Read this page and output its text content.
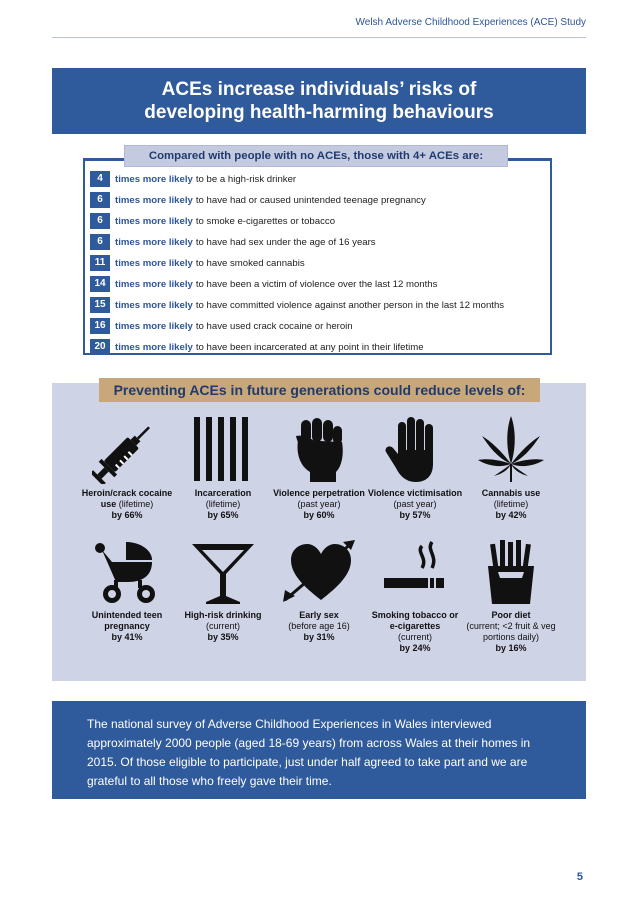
Welsh Adverse Childhood Experiences (ACE) Study
ACEs increase individuals’ risks of
developing health-harming behaviours
Compared with people with no ACEs, those with 4+ ACEs are:
4	times more likely to be a high-risk drinker
6	times more likely to have had or caused unintended teenage pregnancy
6	times more likely to smoke e-cigarettes or tobacco
6	times more likely to have had sex under the age of 16 years
11	times more likely to have smoked cannabis
14 times more likely to have been a victim of violence over the last 12 months
15 times more likely to have committed violence against another person in the last 12 months
16 times more likely to have used crack cocaine or heroin
20 times more likely to have been incarcerated at any point in their lifetime
Preventing ACEs in future generations could reduce levels of:
Heroin/crack cocaine
use (lifetime)
by 66%
Incarceration
(lifetime)
by 65%
Violence perpetration
(past year)
by 60%
Violence victimisation
(past year)
by 57%
Cannabis use
(lifetime)
by 42%
Unintended teen
pregnancy
by 41%
High-risk drinking
(current)
by 35%
Early sex
(before age 16)
by 31%
Smoking tobacco or
e-cigarettes
(current)
by 24%
Poor diet
(current; <2 fruit & veg
portions daily)
by 16%

The national survey of Adverse Childhood Experiences in Wales interviewed approximately 2000 people (aged 18-69 years) from across Wales at their homes in 2015. Of those eligible to participate, just under half agreed to take part and we are grateful to all those who freely gave their time.

5
